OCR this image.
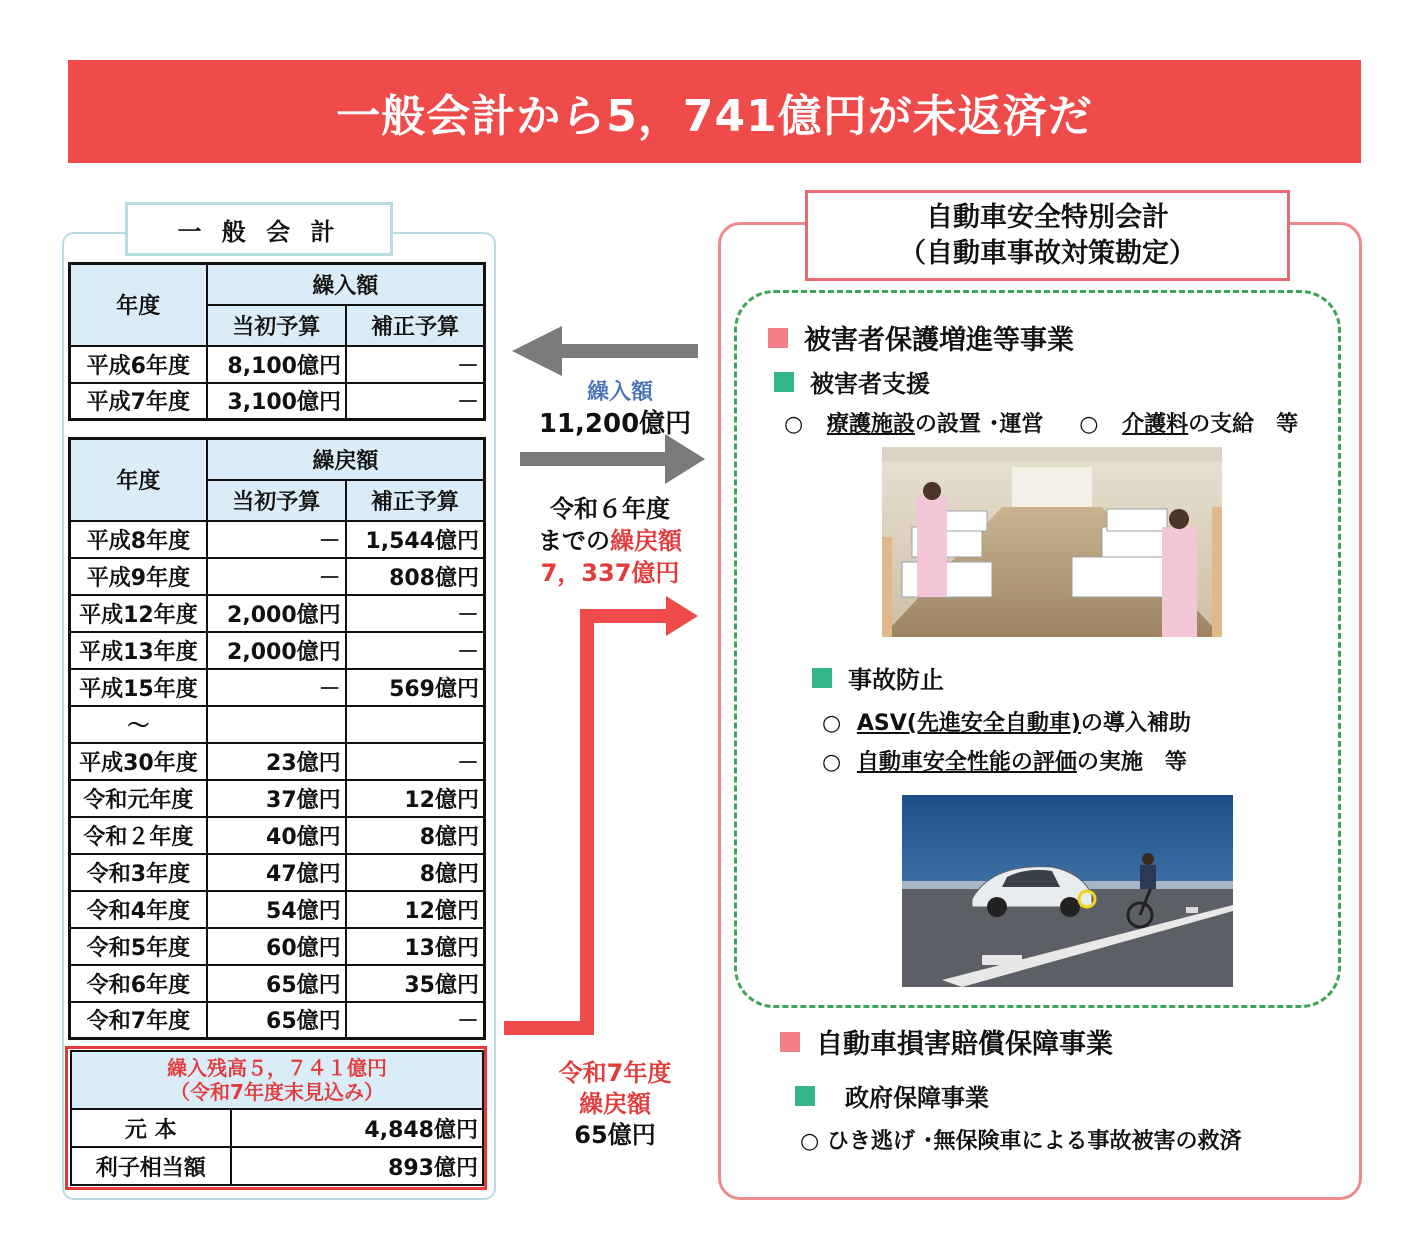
一般会計から5，741億円が未返済だ
一 般 会 計
年度	繰入額	
	当初予算	補正予算
平成6年度	8,100億円	－
平成7年度	3,100億円	－
年度	繰戻額	
	当初予算	補正予算
平成8年度	－	1,544億円
平成9年度	－	808億円
平成12年度	2,000億円	－
平成13年度	2,000億円	－
平成15年度	－	569億円
～		
平成30年度	23億円	－
令和元年度	37億円	12億円
令和２年度	40億円	8億円
令和3年度	47億円	8億円
令和4年度	54億円	12億円
令和5年度	60億円	13億円
令和6年度	65億円	35億円
令和7年度	65億円	－
繰入残高５，７４１億円
（令和7年度末見込み）	

元 本	4,848億円
利子相当額	893億円
繰入額
11,200億円
令和６年度
までの繰戻額
7，337億円
令和7年度
繰戻額
65億円
自動車安全特別会計
（自動車事故対策勘定）
被害者保護増進等事業
被害者支援
○ 療護施設の設置 ･運営 ○ 介護料の支給　等
事故防止
○ ASV(先進安全自動車)の導入補助
○ 自動車安全性能の評価の実施　等
自動車損害賠償保障事業
政府保障事業
○ ひき逃げ ･無保険車による事故被害の救済
